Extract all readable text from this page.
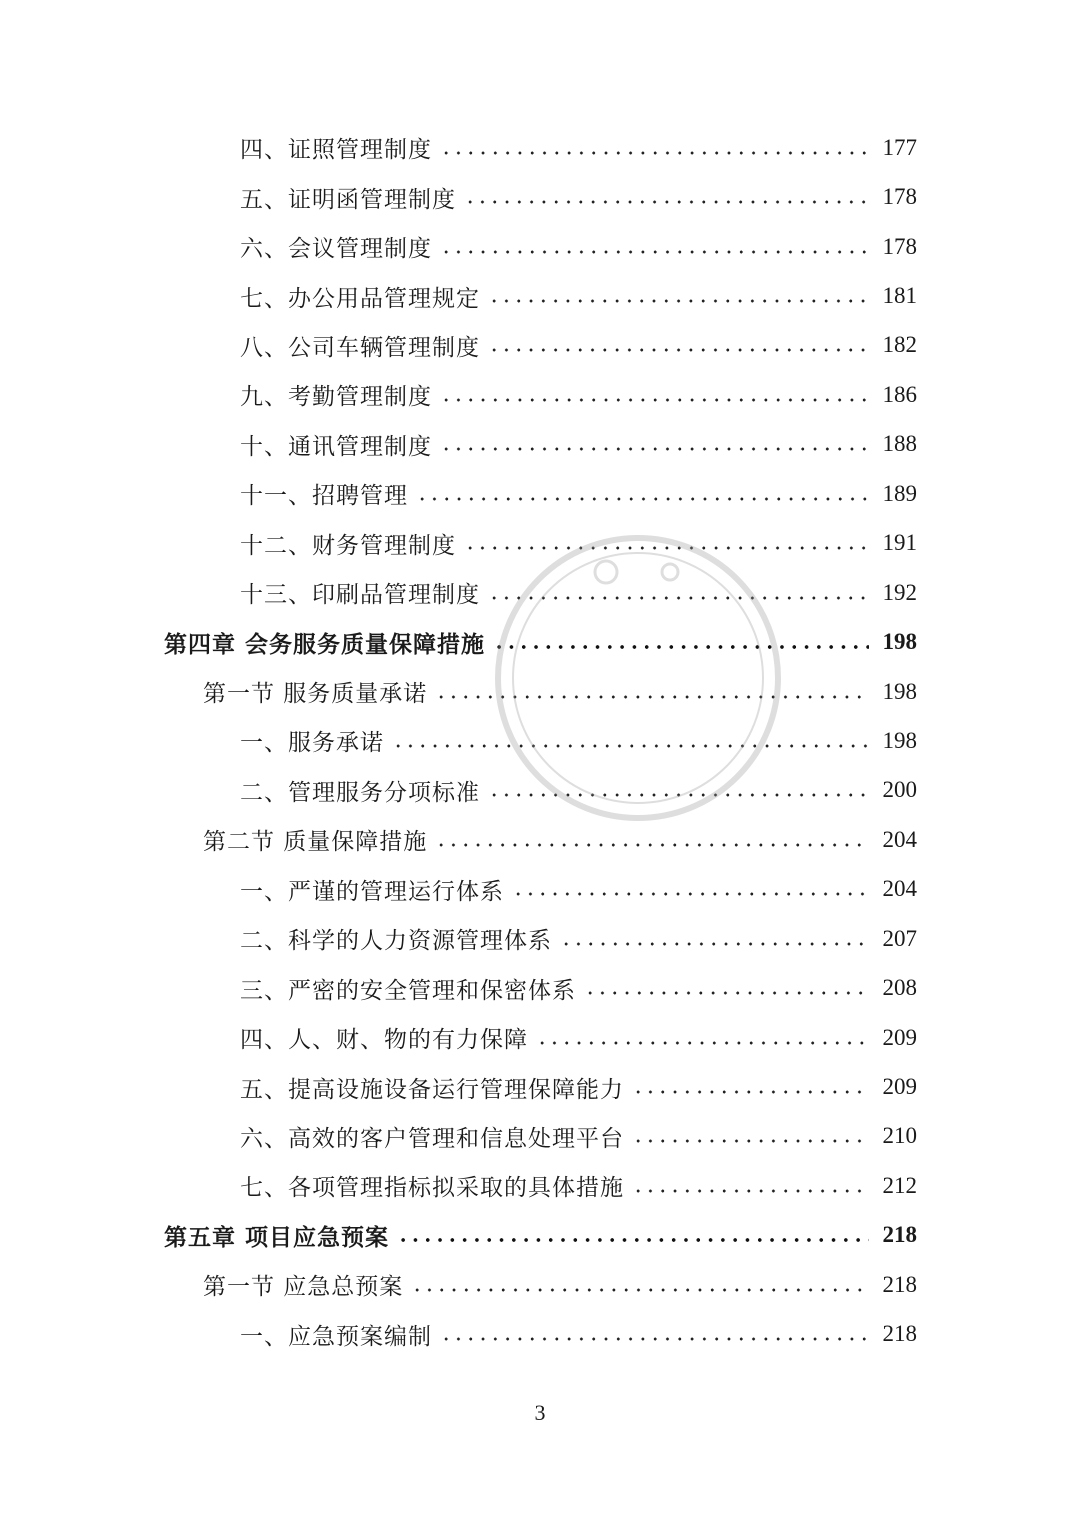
四、证照管理制度	177
五、证明函管理制度	178
六、会议管理制度	178
七、办公用品管理规定	181
八、公司车辆管理制度	182
九、考勤管理制度	186
十、通讯管理制度	188
十一、招聘管理	189
十二、财务管理制度	191
十三、印刷品管理制度	192
第四章 会务服务质量保障措施	198
第一节 服务质量承诺	198
一、服务承诺	198
二、管理服务分项标准	200
第二节 质量保障措施	204
一、严谨的管理运行体系	204
二、科学的人力资源管理体系	207
三、严密的安全管理和保密体系	208
四、人、财、物的有力保障	209
五、提高设施设备运行管理保障能力	209
六、高效的客户管理和信息处理平台	210
七、各项管理指标拟采取的具体措施	212
第五章 项目应急预案	218
第一节 应急总预案	218
一、应急预案编制	218
3
